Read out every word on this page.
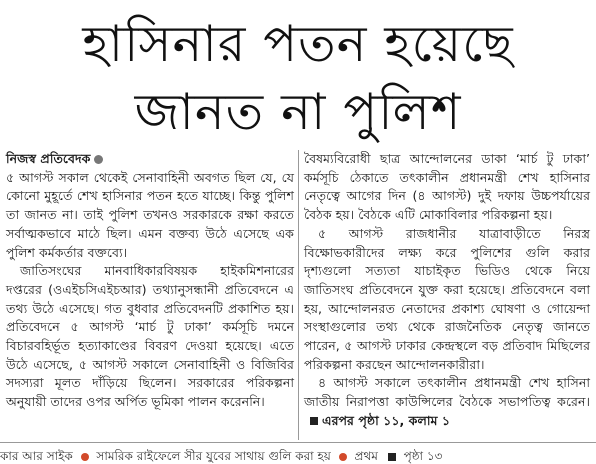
হাসিনার পতন হয়েছে
জানত না পুলিশ

নিজস্ব প্রতিবেদক

৫ আগস্ট সকাল থেকেই সেনাবাহিনী অবগত ছিল যে, যে কোনো মুহূর্তে শেখ হাসিনার পতন হতে যাচ্ছে। কিন্তু পুলিশ তা জানত না। তাই পুলিশ তখনও সরকারকে রক্ষা করতে সর্বাত্মকভাবে মাঠে ছিল। এমন বক্তব্য উঠে এসেছে এক পুলিশ কর্মকর্তার বক্তব্যে।

জাতিসংঘের মানবাধিকারবিষয়ক হাইকমিশনারের দপ্তরের (ওএইচসিএইচআর) তথ্যানুসন্ধানী প্রতিবেদনে এ তথ্য উঠে এসেছে। গত বুধবার প্রতিবেদনটি প্রকাশিত হয়। প্রতিবেদনে ৫ আগস্ট ‘মার্চ টু ঢাকা’ কর্মসূচি দমনে বিচারবহির্ভূত হত্যাকাণ্ডের বিবরণ দেওয়া হয়েছে। এতে উঠে এসেছে, ৫ আগস্ট সকালে সেনাবাহিনী ও বিজিবির সদস্যরা মূলত দাঁড়িয়ে ছিলেন। সরকারের পরিকল্পনা অনুযায়ী তাদের ওপর অর্পিত ভূমিকা পালন করেননি।

বৈষম্যবিরোধী ছাত্র আন্দোলনের ডাকা ‘মার্চ টু ঢাকা’ কর্মসূচি ঠেকাতে তৎকালীন প্রধানমন্ত্রী শেখ হাসিনার নেতৃত্বে আগের দিন (৪ আগস্ট) দুই দফায় উচ্চপর্যায়ের বৈঠক হয়। বৈঠকে এটি মোকাবিলার পরিকল্পনা হয়।

৫ আগস্ট রাজধানীর যাত্রাবাড়ীতে নিরস্ত্র বিক্ষোভকারীদের লক্ষ্য করে পুলিশের গুলি করার দৃশ্যগুলো সত্যতা যাচাইকৃত ভিডিও থেকে নিয়ে জাতিসংঘ প্রতিবেদনে যুক্ত করা হয়েছে। প্রতিবেদনে বলা হয়, আন্দোলনরত নেতাদের প্রকাশ্য ঘোষণা ও গোয়েন্দা সংস্থাগুলোর তথ্য থেকে রাজনৈতিক নেতৃত্ব জানতে পারেন, ৫ আগস্ট ঢাকার কেন্দ্রস্থলে বড় প্রতিবাদ মিছিলের পরিকল্পনা করছেন আন্দোলনকারীরা।

৪ আগস্ট সকালে তৎকালীন প্রধানমন্ত্রী শেখ হাসিনা জাতীয় নিরাপত্তা কাউন্সিলের বৈঠকে সভাপতিত্ব করেন।এরপর পৃষ্ঠা ১১, কলাম ১

কার আর সাইক সামরিক রাইফেলে সীর যুবের সাথায় গুলি করা হয় প্রথম পৃষ্ঠা ১৩
